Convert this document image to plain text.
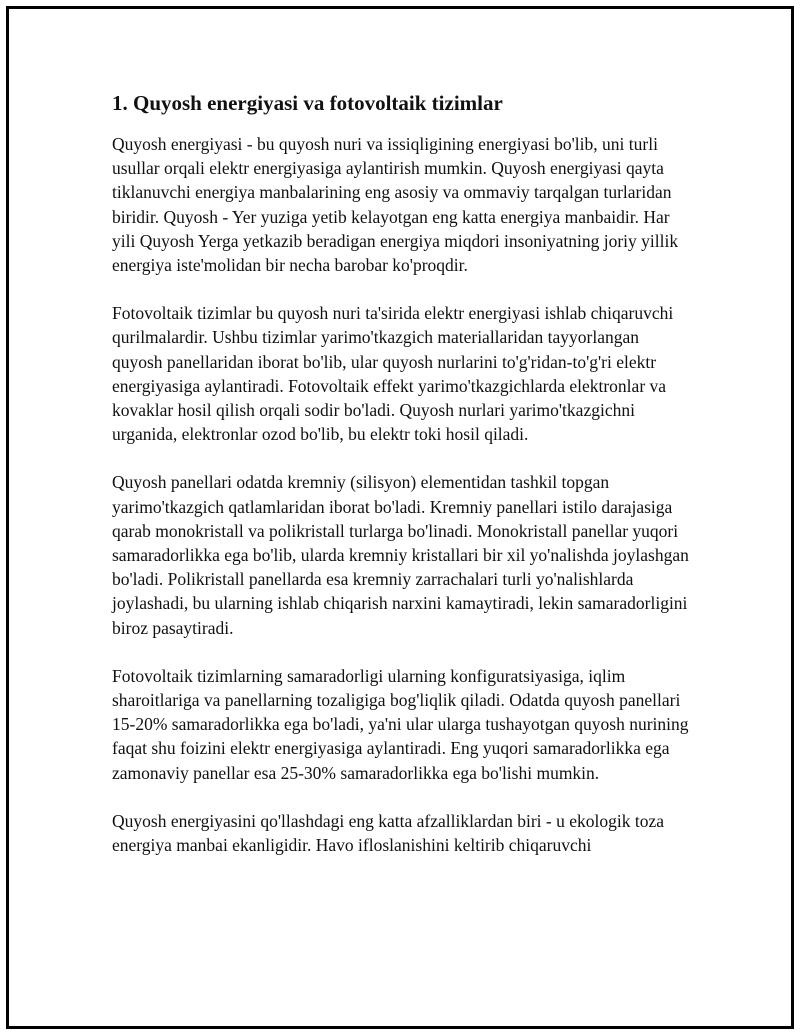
1. Quyosh energiyasi va fotovoltaik tizimlar

Quyosh energiyasi - bu quyosh nuri va issiqligining energiyasi bo'lib, uni turli usullar orqali elektr energiyasiga aylantirish mumkin. Quyosh energiyasi qayta tiklanuvchi energiya manbalarining eng asosiy va ommaviy tarqalgan turlaridan biridir. Quyosh - Yer yuziga yetib kelayotgan eng katta energiya manbaidir. Har yili Quyosh Yerga yetkazib beradigan energiya miqdori insoniyatning joriy yillik energiya iste'molidan bir necha barobar ko'proqdir.

Fotovoltaik tizimlar bu quyosh nuri ta'sirida elektr energiyasi ishlab chiqaruvchi qurilmalardir. Ushbu tizimlar yarimo'tkazgich materiallaridan tayyorlangan quyosh panellaridan iborat bo'lib, ular quyosh nurlarini to'g'ridan-to'g'ri elektr energiyasiga aylantiradi. Fotovoltaik effekt yarimo'tkazgichlarda elektronlar va kovaklar hosil qilish orqali sodir bo'ladi. Quyosh nurlari yarimo'tkazgichni urganida, elektronlar ozod bo'lib, bu elektr toki hosil qiladi.

Quyosh panellari odatda kremniy (silisyon) elementidan tashkil topgan yarimo'tkazgich qatlamlaridan iborat bo'ladi. Kremniy panellari istilo darajasiga qarab monokristall va polikristall turlarga bo'linadi. Monokristall panellar yuqori samaradorlikka ega bo'lib, ularda kremniy kristallari bir xil yo'nalishda joylashgan bo'ladi. Polikristall panellarda esa kremniy zarrachalari turli yo'nalishlarda joylashadi, bu ularning ishlab chiqarish narxini kamaytiradi, lekin samaradorligini biroz pasaytiradi.

Fotovoltaik tizimlarning samaradorligi ularning konfiguratsiyasiga, iqlim sharoitlariga va panellarning tozaligiga bog'liqlik qiladi. Odatda quyosh panellari 15-20% samaradorlikka ega bo'ladi, ya'ni ular ularga tushayotgan quyosh nurining faqat shu foizini elektr energiyasiga aylantiradi. Eng yuqori samaradorlikka ega zamonaviy panellar esa 25-30% samaradorlikka ega bo'lishi mumkin.

Quyosh energiyasini qo'llashdagi eng katta afzalliklardan biri - u ekologik toza energiya manbai ekanligidir. Havo ifloslanishini keltirib chiqaruvchi
